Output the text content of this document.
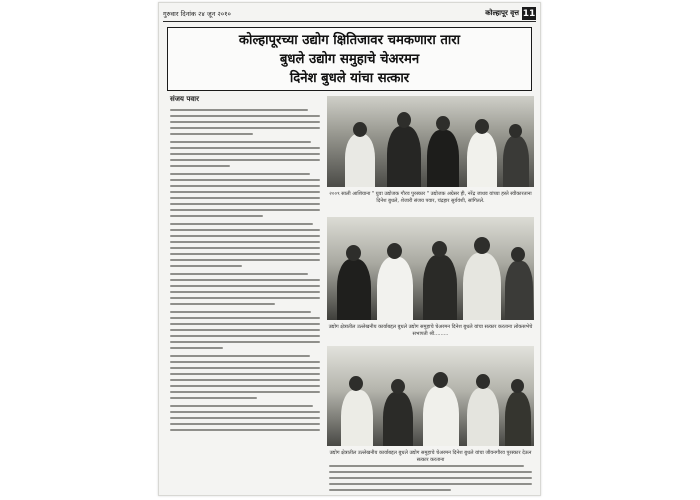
गुरुवार दिनांक २४ जून २०१०	कोल्हापूर वृत्त 11
कोल्हापूरच्या उद्योग क्षितिजावर चमकणारा तारा
बुधले उद्योग समुहाचे चेअरमन
दिनेश बुधले यांचा सत्कार
संजय पवार
२००९ साली आशियाना " युवा उद्योजक गौरव पुरस्कार " उद्योजक अग्रेसर ही, नरेंद्र जाधव यांच्या हस्ते स्वीकारताना दिनेश बुधले, शेजारी संजय पवार, चंद्रहार सुर्यवंशी, सांगितले.
उद्योग क्षेत्रातील उल्लेखनीय कार्याबद्दल बुधले उद्योग समुहाचे चेअरमन दिनेश बुधले यांचा सत्कार करताना लोकसभेचे सभापती श्री.........
उद्योग क्षेत्रातील उल्लेखनीय कार्याबद्दल बुधले उद्योग समुहाचे चेअरमन दिनेश बुधले यांचा जीवनगौरव पुरस्कार देऊन सत्कार करताना
